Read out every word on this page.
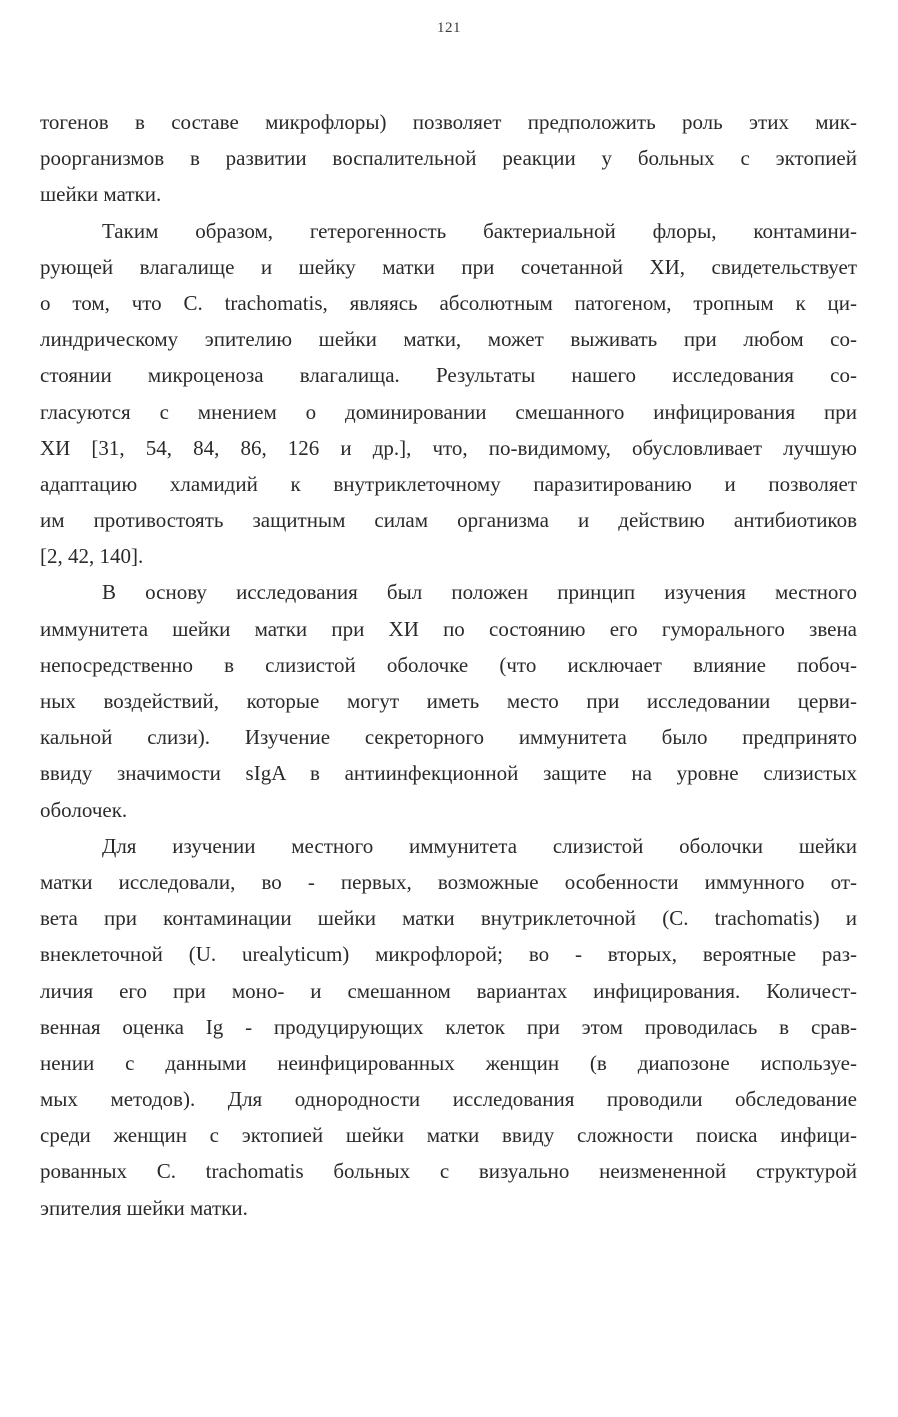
121
тогенов в составе микрофлоры) позволяет предположить роль этих мик-
роорганизмов в развитии воспалительной реакции у больных с эктопией
шейки матки.
Таким образом, гетерогенность бактериальной флоры, контамини-
рующей влагалище и шейку матки при сочетанной ХИ, свидетельствует
о том, что C. trachomatis, являясь абсолютным патогеном, тропным к ци-
линдрическому эпителию шейки матки, может выживать при любом со-
стоянии микроценоза влагалища. Результаты нашего исследования со-
гласуются с мнением о доминировании смешанного инфицирования при
ХИ [31, 54, 84, 86, 126 и др.], что, по-видимому, обусловливает лучшую
адаптацию хламидий к внутриклеточному паразитированию и позволяет
им противостоять защитным силам организма и действию антибиотиков
[2, 42, 140].
В основу исследования был положен принцип изучения местного
иммунитета шейки матки при ХИ по состоянию его гуморального звена
непосредственно в слизистой оболочке (что исключает влияние побоч-
ных воздействий, которые могут иметь место при исследовании церви-
кальной слизи). Изучение секреторного иммунитета было предпринято
ввиду значимости sIgA в антиинфекционной защите на уровне слизистых
оболочек.
Для изучении местного иммунитета слизистой оболочки шейки
матки исследовали, во - первых, возможные особенности иммунного от-
вета при контаминации шейки матки внутриклеточной (C. trachomatis) и
внеклеточной (U. urealyticum) микрофлорой; во - вторых, вероятные раз-
личия его при моно- и смешанном вариантах инфицирования. Количест-
венная оценка Ig - продуцирующих клеток при этом проводилась в срав-
нении с данными неинфицированных женщин (в диапозоне используе-
мых методов). Для однородности исследования проводили обследование
среди женщин с эктопией шейки матки ввиду сложности поиска инфици-
рованных C. trachomatis больных с визуально неизмененной структурой
эпителия шейки матки.
